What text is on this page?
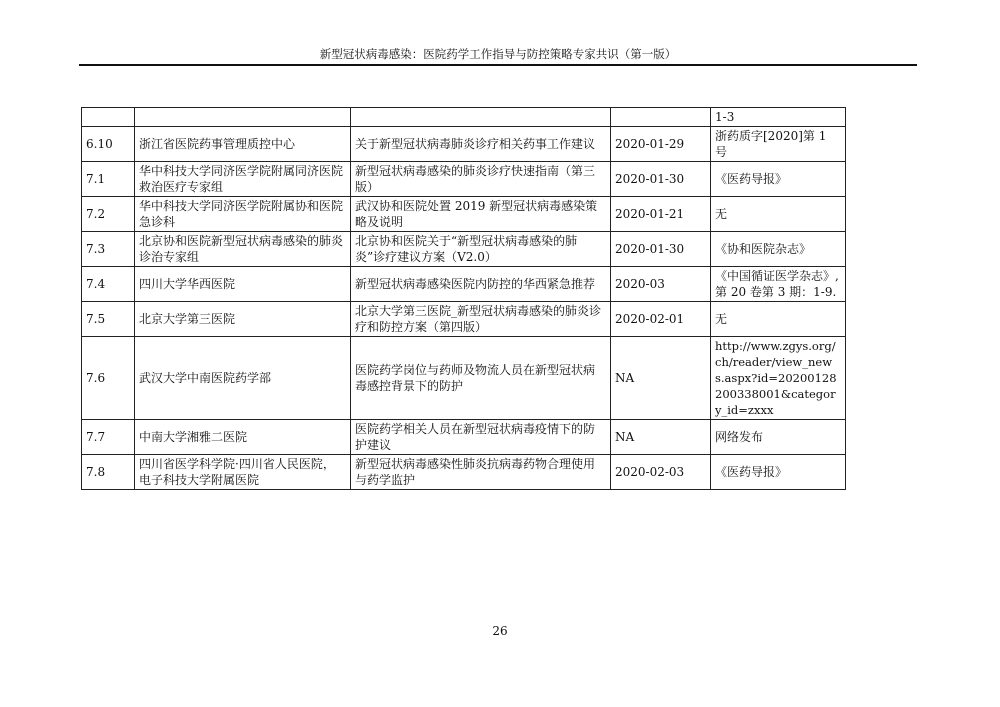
新型冠状病毒感染：医院药学工作指导与防控策略专家共识（第一版）
				1-3
6.10	浙江省医院药事管理质控中心	关于新型冠状病毒肺炎诊疗相关药事工作建议	2020-01-29	浙药质字[2020]第 1 号
7.1	华中科技大学同济医学院附属同济医院救治医疗专家组	新型冠状病毒感染的肺炎诊疗快速指南（第三版）	2020-01-30	《医药导报》
7.2	华中科技大学同济医学院附属协和医院急诊科	武汉协和医院处置 2019 新型冠状病毒感染策略及说明	2020-01-21	无
7.3	北京协和医院新型冠状病毒感染的肺炎诊治专家组	北京协和医院关于“新型冠状病毒感染的肺炎”诊疗建议方案（V2.0）	2020-01-30	《协和医院杂志》
7.4	四川大学华西医院	新型冠状病毒感染医院内防控的华西紧急推荐	2020-03	《中国循证医学杂志》, 第 20 卷第 3 期：1-9.
7.5	北京大学第三医院	北京大学第三医院_新型冠状病毒感染的肺炎诊疗和防控方案（第四版）	2020-02-01	无
7.6	武汉大学中南医院药学部	医院药学岗位与药师及物流人员在新型冠状病毒感控背景下的防护	NA	http://www.zgys.org/ch/reader/view_news.aspx?id=20200128200338001&category_id=zxxx
7.7	中南大学湘雅二医院	医院药学相关人员在新型冠状病毒疫情下的防护建议	NA	网络发布
7.8	四川省医学科学院·四川省人民医院，电子科技大学附属医院	新型冠状病毒感染性肺炎抗病毒药物合理使用与药学监护	2020-02-03	《医药导报》
26
